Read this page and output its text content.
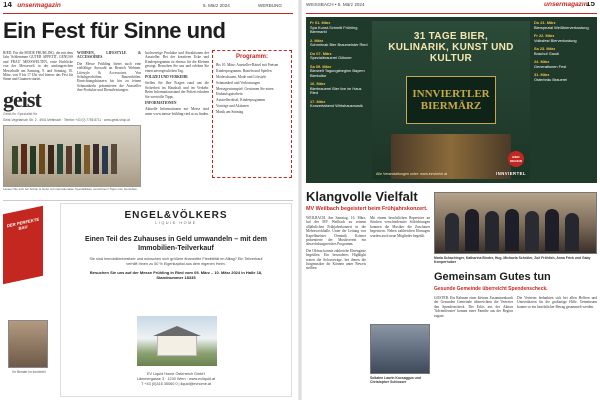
14 unsermagazin	5. März 2024	WERBUNG
Ein Fest für Sinne und

RIED. Für die MODE FRÜHLING, die mit dem Jahr 'Schlemmen GUTER APPETIT, GENUSS und FRAU' MESSWELTEN, erste Einblicke von der Messewelt in der umfangreichen Messehalle am Samstag, 9. und Sonntag, 10. März, von 9 bis 17 Uhr viel bieten: das Fest für Sinne und Gaumen startet.

geist
Geist-Ihr Spezialist für
Geist-Vegetarisch Str. 2 - 4941 Mettmach · Telefon +43 (0) 7755 8711 · www.geist-shop.at
Lassen Sie sich bei Schön & Geist mit internationalen Spezialitäten verwöhnen! Tipps zum Genießen.

WOHNEN, LIFESTYLE & ACCESSOIRES

Die Messe Frühling bietet auch eine vielfältige Auswahl an Bereich Wohnen, Lifestyle & Accessoires. Von Schuhgeschäften, Bauernhöfen, Einrichtungshäusern bis hin zu feinen Schmankerln präsentieren die Aussteller ihre Produkte und Dienstleistungen.

hochwertige Produkte und Attraktionen der Aussteller. Bei der kreativen Ecke und Kinderprogramm ist ebenso für die Kleinen gesorgt. Besuchen Sie uns und erleben Sie einen unvergesslichen Tag.

POLIZEI UND VERKEHR

Stellen Sie Ihre Fragen rund um die Sicherheit im Haushalt und im Verkehr. Beim Informationsstand der Polizei erhalten Sie wertvolle Tipps.

INFORMATIONEN

Aktuelle Informationen zur Messe sind unter www.messe-frühling-ried.at zu finden.

Programm:
Bis 10. März: Aussteller-Rätsel mit Preisen
Kinderprogramm, Basteln und Spielen
Modeschauen, Mode und Lifestyle
Schmankerl und Verkostungen
Messegewinnspiel: Gewinnen Sie einen Einkaufsgutschein
Ausstellerrätsel, Kinderprogramm
Vorträge und Aktionen
Musik am Sonntag
ENGEL&VÖLKERS
LIQUID HOME
Einen Teil des Zuhauses in Geld umwandeln – mit dem Immobilien-Teilverkauf
Sie sind Immobilienbesitzer und wünschen sich größere finanzielle Flexibilität im Alltag? Ein Teilverkauf verhilft Ihnen zu 50 % Eigenkapital aus dem eigenen Heim.
Besuchen Sie uns auf der Messe Frühling in Ried vom 09. März – 10. März 2024 in Halle 18, Standnummer 18335
EV Liquid Home Österreich GmbH
Lämmergasse 3 · 1230 Wien · www.evliquid.at
T +43 (0)316 35060 0 | liquid@evhome.at
DER PERFEKTE BAU
Ihr Berater im Innviertel
WEISSBACH • 5. März 2024	unsermagazin
15
Fr 01. März
Spa Kunst-Schmitt Frühling Biermarkt
2. März
Schmirnak Bier Braumeister Ried
Do 07. März
Spezialbrauerei Gölsner
Sa 09. März
Bierwelt Tagungsbeginn Bayern Bierkultur
16. März
Bierbrauerei Bier live im Haus Ried
17. März
Konzertabend Wirtshausmusik
31 TAGE BIER, KULINARIK, KUNST UND KULTUR
INNVIERTLER BIERMÄRZ
Alle Veranstaltungen unter: www.innviertel.at
BIER REGION
INNVIERTEL
Do 21. März
Bierspezial Weißbierverkostung
Fr 22. März
Volksfest Bierverkostung
Sa 23. März
Brauhof Gaudi
24. März
Generationen Fest
31. März
Osterbräu Brauerei
Klangvolle Vielfalt
MV Weilbach begeistert beim Frühjahrskonzert.

WEILBACH. Am Samstag, 16. März, lud der MV Weilbach zu seinem alljährlichen Frühjahrskonzert in die Mehrzweckhalle. Unter der Leitung von Kapellmeister Dominik Kriener präsentierte der Musikverein ein abwechslungsreiches Programm.

Die Obfrau konnte zahlreiche Ehrengäste begrüßen. Ein besonderes Highlight waren die Solovorträge, bei denen die Jungmusiker ihr Können unter Beweis stellten.

Mit einem beachtlichen Repertoire an Stücken verschiedenster Stilrichtungen konnten die Musiker die Zuschauer begeistern. Neben zahlreichen Ehrungen wurden auch neue Mitglieder begrüßt.

Soliaten Laurin Kocsaggus und Christopher Schlosser
Maria Schachinger, Katharina Binder, Hug. Michaela Schröter, Zoë Fröhlich, Anna Frick und Gaby Kemperhuber
Gemeinsam Gutes tun
Gesunde Gemeinde überreicht Spendenscheck.

GOSTER. Ein Rahmen einer kleinen Zusammenkunft der Gesunden Gemeinde überreichten die Vertreter den Spendenscheck. Der Erlös aus der Aktion 'Adventfenster' kommt einer Familie aus der Region zugute.

Die Vertreter bedankten sich bei allen Helfern und Unterstützern für die großartige Hilfe. Gemeinsam konnte so ein beachtlicher Betrag gesammelt werden.
